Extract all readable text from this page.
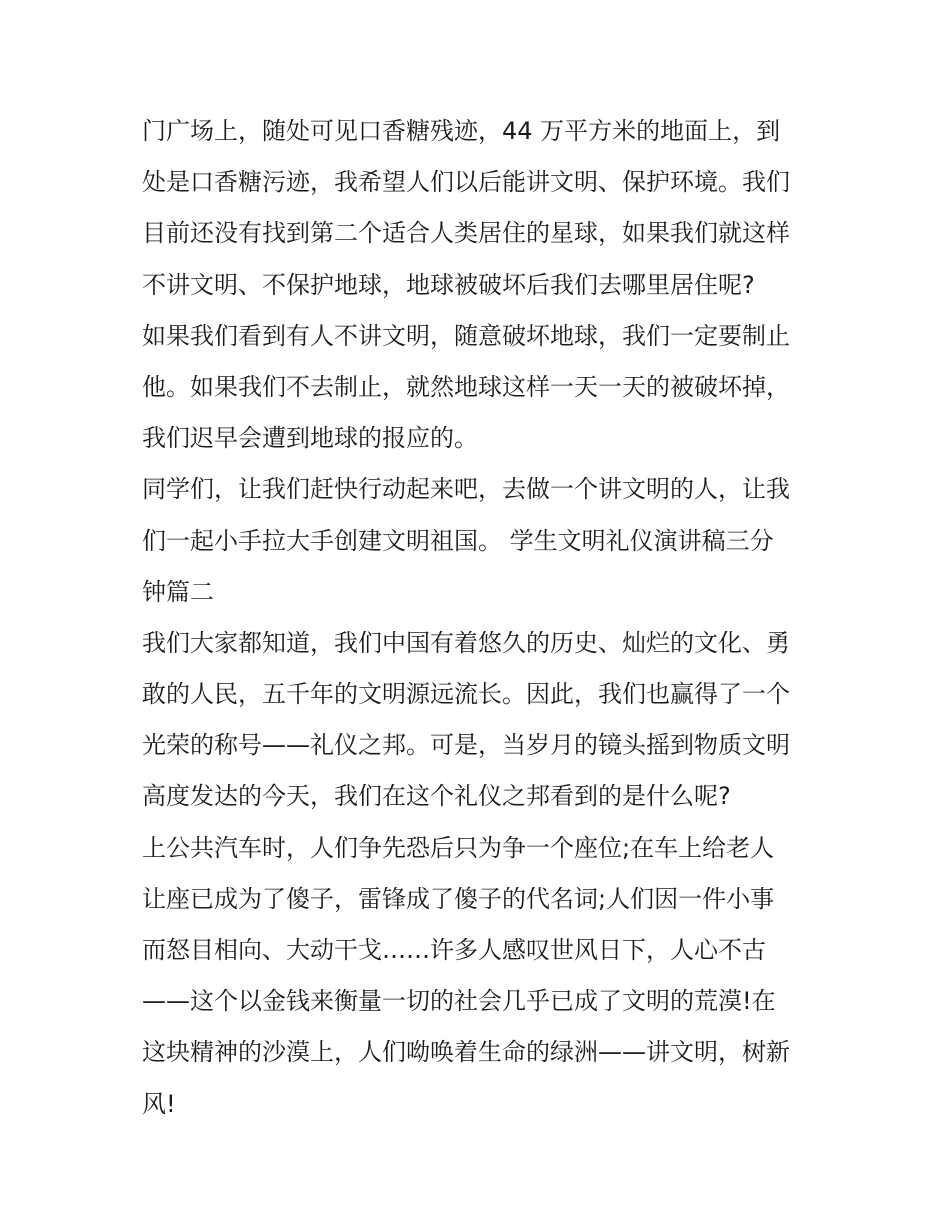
门广场上，随处可见口香糖残迹，44 万平方米的地面上，到
处是口香糖污迹，我希望人们以后能讲文明、保护环境。我们
目前还没有找到第二个适合人类居住的星球，如果我们就这样
不讲文明、不保护地球，地球被破坏后我们去哪里居住呢?
如果我们看到有人不讲文明，随意破坏地球，我们一定要制止
他。如果我们不去制止，就然地球这样一天一天的被破坏掉，
我们迟早会遭到地球的报应的。
同学们，让我们赶快行动起来吧，去做一个讲文明的人，让我
们一起小手拉大手创建文明祖国。 学生文明礼仪演讲稿三分
钟篇二
我们大家都知道，我们中国有着悠久的历史、灿烂的文化、勇
敢的人民，五千年的文明源远流长。因此，我们也赢得了一个
光荣的称号——礼仪之邦。可是，当岁月的镜头摇到物质文明
高度发达的今天，我们在这个礼仪之邦看到的是什么呢?
上公共汽车时，人们争先恐后只为争一个座位;在车上给老人
让座已成为了傻子，雷锋成了傻子的代名词;人们因一件小事
而怒目相向、大动干戈……许多人感叹世风日下，人心不古
——这个以金钱来衡量一切的社会几乎已成了文明的荒漠!在
这块精神的沙漠上，人们呦唤着生命的绿洲——讲文明，树新
风!
